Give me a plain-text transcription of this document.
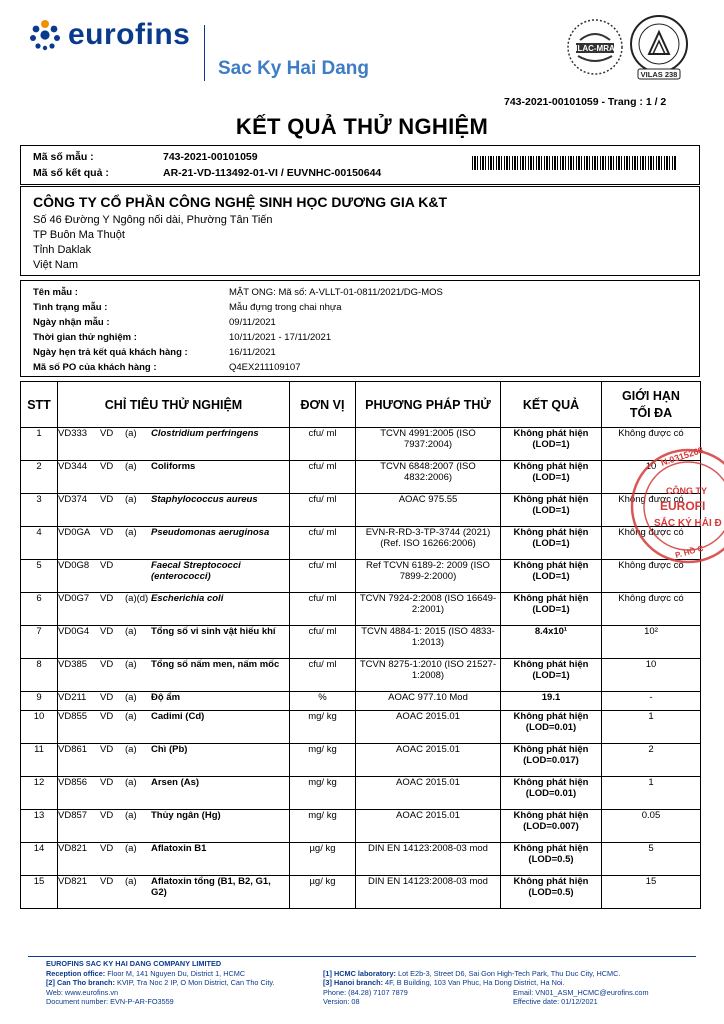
eurofins
Sac Ky Hai Dang
ILAC-MRA
VILAS 238
743-2021-00101059 - Trang : 1 / 2
KẾT QUẢ THỬ NGHIỆM
Mã số mẫu :	743-2021-00101059
Mã số kết quả :	AR-21-VD-113492-01-VI / EUVNHC-00150644
CÔNG TY CỔ PHẦN CÔNG NGHỆ SINH HỌC DƯƠNG GIA K&T
Số 46 Đường Y Ngông nối dài, Phường Tân Tiến
TP Buôn Ma Thuột
Tỉnh Daklak
Việt Nam
Tên mẫu :	MẬT ONG: Mã số: A-VLLT-01-0811/2021/DG-MOS
Tình trạng mẫu :	Mẫu đựng trong chai nhựa
Ngày nhận mẫu :	09/11/2021
Thời gian thử nghiệm :	10/11/2021 - 17/11/2021
Ngày hẹn trả kết quả khách hàng :	16/11/2021
Mã số PO của khách hàng :	Q4EX211109107
STT	CHỈ TIÊU THỬ NGHIỆM	ĐƠN VỊ	PHƯƠNG PHÁP THỬ	KẾT QUẢ	GIỚI HẠN
TỐI ĐA

1	VD333 VD (a) Clostridium perfringens	cfu/ ml	TCVN 4991:2005 (ISO 7937:2004)	Không phát hiện (LOD=1)	Không được có
2	VD344 VD (a) Coliforms	cfu/ ml	TCVN 6848:2007 (ISO 4832:2006)	Không phát hiện (LOD=1)	10
3	VD374 VD (a) Staphylococcus aureus	cfu/ ml	AOAC 975.55	Không phát hiện (LOD=1)	Không được có
4	VD0GA VD (a) Pseudomonas aeruginosa	cfu/ ml	EVN-R-RD-3-TP-3744 (2021) (Ref. ISO 16266:2006)	Không phát hiện (LOD=1)	Không được có
5	VD0G8 VD Faecal Streptococci (enterococci)	cfu/ ml	Ref TCVN 6189-2: 2009 (ISO 7899-2:2000)	Không phát hiện (LOD=1)	Không được có
6	VD0G7 VD (a)(d) Escherichia coli	cfu/ ml	TCVN 7924-2:2008 (ISO 16649-2:2001)	Không phát hiện (LOD=1)	Không được có
7	VD0G4 VD (a) Tổng số vi sinh vật hiếu khí	cfu/ ml	TCVN 4884-1: 2015 (ISO 4833-1:2013)	8.4x10¹	10²
8	VD385 VD (a) Tổng số nấm men, nấm mốc	cfu/ ml	TCVN 8275-1:2010 (ISO 21527-1:2008)	Không phát hiện (LOD=1)	10
9	VD211 VD (a) Độ ẩm	%	AOAC 977.10 Mod	19.1	-
10	VD855 VD (a) Cadimi (Cd)	mg/ kg	AOAC 2015.01	Không phát hiện (LOD=0.01)	1
11	VD861 VD (a) Chì (Pb)	mg/ kg	AOAC 2015.01	Không phát hiện (LOD=0.017)	2
12	VD856 VD (a) Arsen (As)	mg/ kg	AOAC 2015.01	Không phát hiện (LOD=0.01)	1
13	VD857 VD (a) Thủy ngân (Hg)	mg/ kg	AOAC 2015.01	Không phát hiện (LOD=0.007)	0.05
14	VD821 VD (a) Aflatoxin B1	µg/ kg	DIN EN 14123:2008-03 mod	Không phát hiện (LOD=0.5)	5
15	VD821 VD (a) Aflatoxin tổng (B1, B2, G1, G2)	µg/ kg	DIN EN 14123:2008-03 mod	Không phát hiện (LOD=0.5)	15
N.0315268
CÔNG TY
EUROFI
SẮC KÝ HẢI Đ
P. HỒ C
EUROFINS SAC KY HAI DANG COMPANY LIMITED
Reception office: Floor M, 141 Nguyen Du, District 1, HCMC
[2] Can Tho branch: KVIP, Tra Noc 2 IP, O Mon District, Can Tho City.
Web: www.eurofins.vn
Document number: EVN-P-AR-FO3559
[1] HCMC laboratory: Lot E2b-3, Street D6, Sai Gon High-Tech Park, Thu Duc City, HCMC.
[3] Hanoi branch: 4F, B Building, 103 Van Phuc, Ha Dong District, Ha Noi.
Phone: (84.28) 7107 7879	Email: VN01_ASM_HCMC@eurofins.com
Version: 08	Effective date: 01/12/2021
